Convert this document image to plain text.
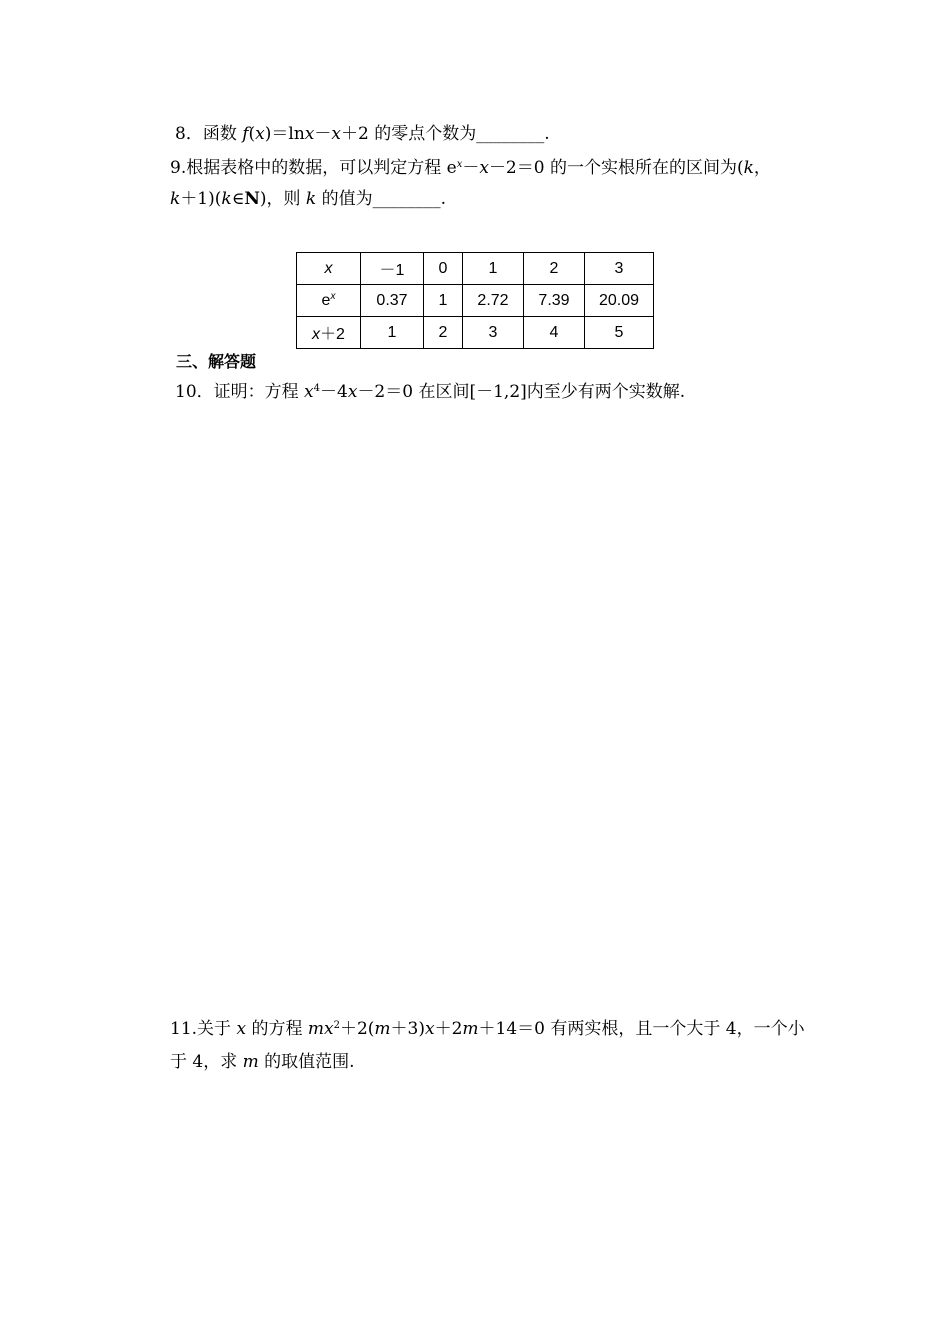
8．函数 f(x)＝lnx－x＋2 的零点个数为________.
9.根据表格中的数据，可以判定方程 $e^x-x-2=0$ 的一个实根所在的区间为(k，
k＋1)(k∈N)，则 k 的值为________.
x	－1	0	1	2	3
$e^x$	0.37	1	2.72	7.39	20.09
x＋2	1	2	3	4	5
三、解答题
10．证明：方程 $x^4-4x-2=0$ 在区间[－1,2]内至少有两个实数解.
11.关于 x 的方程 $mx^2+2(m+3)x+2m+14=0$ 有两实根，且一个大于 4，一个小
于 4，求 m 的取值范围.
